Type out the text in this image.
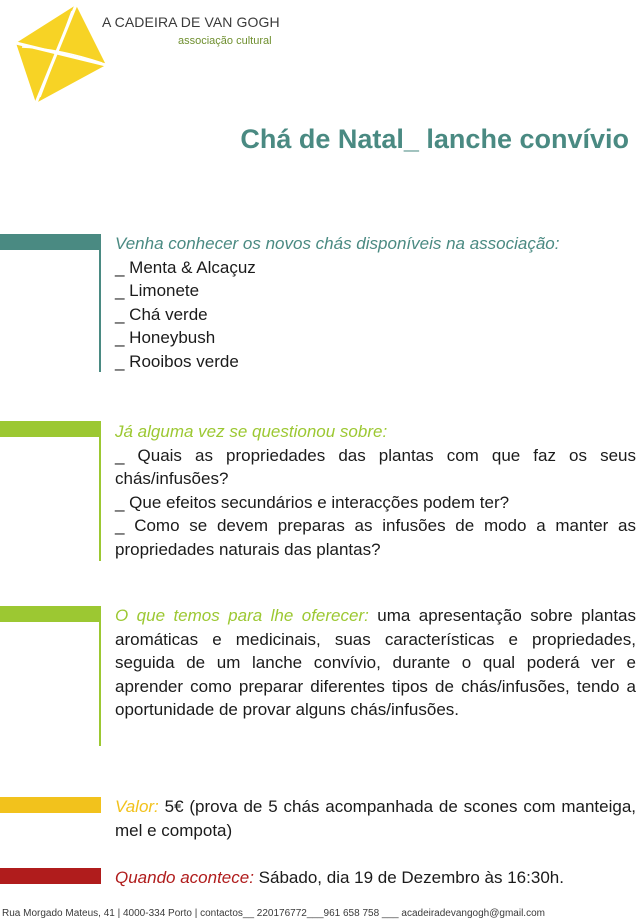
A CADEIRA DE VAN GOGH
associação cultural
Chá de Natal_ lanche convívio

Venha conhecer os novos chás disponíveis na associação:

_ Menta & Alcaçuz

_ Limonete

_ Chá verde

_ Honeybush

_ Rooibos verde

Já alguma vez se questionou sobre:

_ Quais as propriedades das plantas com que faz os seus chás/infusões?

_ Que efeitos secundários e interacções podem ter?

_ Como se devem preparas as infusões de modo a manter as propriedades naturais das plantas?

O que temos para lhe oferecer: uma apresentação sobre plantas aromáticas e medicinais, suas características e propriedades, seguida de um lanche convívio, durante o qual poderá ver e aprender como preparar diferentes tipos de chás/infusões, tendo a oportunidade de provar alguns chás/infusões.
Valor: 5€ (prova de 5 chás acompanhada de scones com manteiga, mel e compota)
Quando acontece: Sábado, dia 19 de Dezembro às 16:30h.
Rua Morgado Mateus, 41 | 4000-334 Porto | contactos__ 220176772___961 658 758 ___ acadeiradevangogh@gmail.com
